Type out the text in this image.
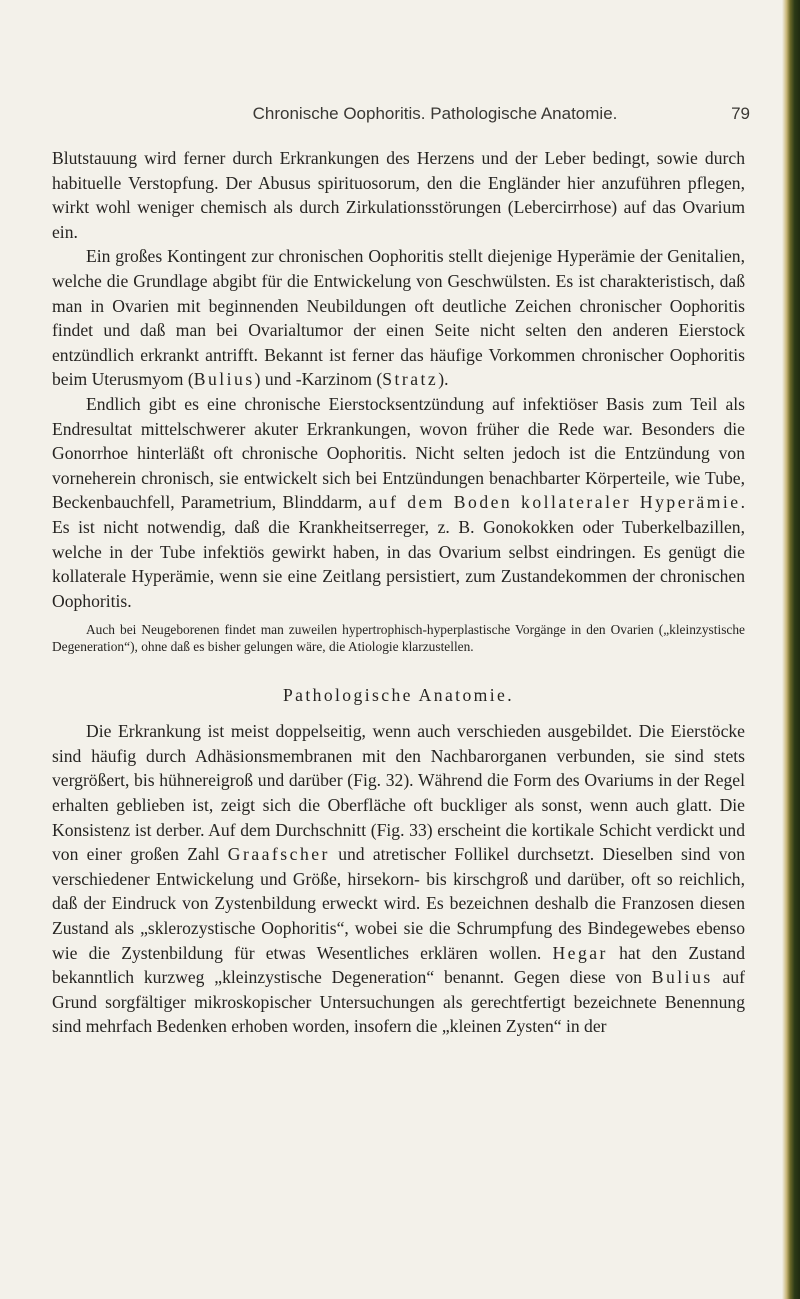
Chronische Oophoritis. Pathologische Anatomie.	79

Blutstauung wird ferner durch Erkrankungen des Herzens und der Leber bedingt, sowie durch habituelle Verstopfung. Der Abusus spirituosorum, den die Engländer hier anzuführen pflegen, wirkt wohl weniger chemisch als durch Zirkulationsstörungen (Lebercirrhose) auf das Ovarium ein.

Ein großes Kontingent zur chronischen Oophoritis stellt diejenige Hyperämie der Genitalien, welche die Grundlage abgibt für die Entwickelung von Geschwülsten. Es ist charakteristisch, daß man in Ovarien mit beginnenden Neubildungen oft deutliche Zeichen chronischer Oophoritis findet und daß man bei Ovarialtumor der einen Seite nicht selten den anderen Eierstock entzündlich erkrankt antrifft. Bekannt ist ferner das häufige Vorkommen chronischer Oophoritis beim Uterusmyom (Bulius) und -Karzinom (Stratz).

Endlich gibt es eine chronische Eierstocksentzündung auf infektiöser Basis zum Teil als Endresultat mittelschwerer akuter Erkrankungen, wovon früher die Rede war. Besonders die Gonorrhoe hinterläßt oft chronische Oophoritis. Nicht selten jedoch ist die Entzündung von vorneherein chronisch, sie entwickelt sich bei Entzündungen benachbarter Körperteile, wie Tube, Beckenbauchfell, Parametrium, Blinddarm, auf dem Boden kollateraler Hyperämie. Es ist nicht notwendig, daß die Krankheitserreger, z. B. Gonokokken oder Tuberkelbazillen, welche in der Tube infektiös gewirkt haben, in das Ovarium selbst eindringen. Es genügt die kollaterale Hyperämie, wenn sie eine Zeitlang persistiert, zum Zustandekommen der chronischen Oophoritis.

Auch bei Neugeborenen findet man zuweilen hypertrophisch-hyperplastische Vorgänge in den Ovarien („kleinzystische Degeneration“), ohne daß es bisher gelungen wäre, die Atiologie klarzustellen.

Pathologische Anatomie.

Die Erkrankung ist meist doppelseitig, wenn auch verschieden ausgebildet. Die Eierstöcke sind häufig durch Adhäsionsmembranen mit den Nachbarorganen verbunden, sie sind stets vergrößert, bis hühnereigroß und darüber (Fig. 32). Während die Form des Ovariums in der Regel erhalten geblieben ist, zeigt sich die Oberfläche oft buckliger als sonst, wenn auch glatt. Die Konsistenz ist derber. Auf dem Durchschnitt (Fig. 33) erscheint die kortikale Schicht verdickt und von einer großen Zahl Graafscher und atretischer Follikel durchsetzt. Dieselben sind von verschiedener Entwickelung und Größe, hirsekorn- bis kirschgroß und darüber, oft so reichlich, daß der Eindruck von Zystenbildung erweckt wird. Es bezeichnen deshalb die Franzosen diesen Zustand als „sklerozystische Oophoritis“, wobei sie die Schrumpfung des Bindegewebes ebenso wie die Zystenbildung für etwas Wesentliches erklären wollen. Hegar hat den Zustand bekanntlich kurzweg „kleinzystische Degeneration“ benannt. Gegen diese von Bulius auf Grund sorgfältiger mikroskopischer Untersuchungen als gerechtfertigt bezeichnete Benennung sind mehrfach Bedenken erhoben worden, insofern die „kleinen Zysten“ in der
